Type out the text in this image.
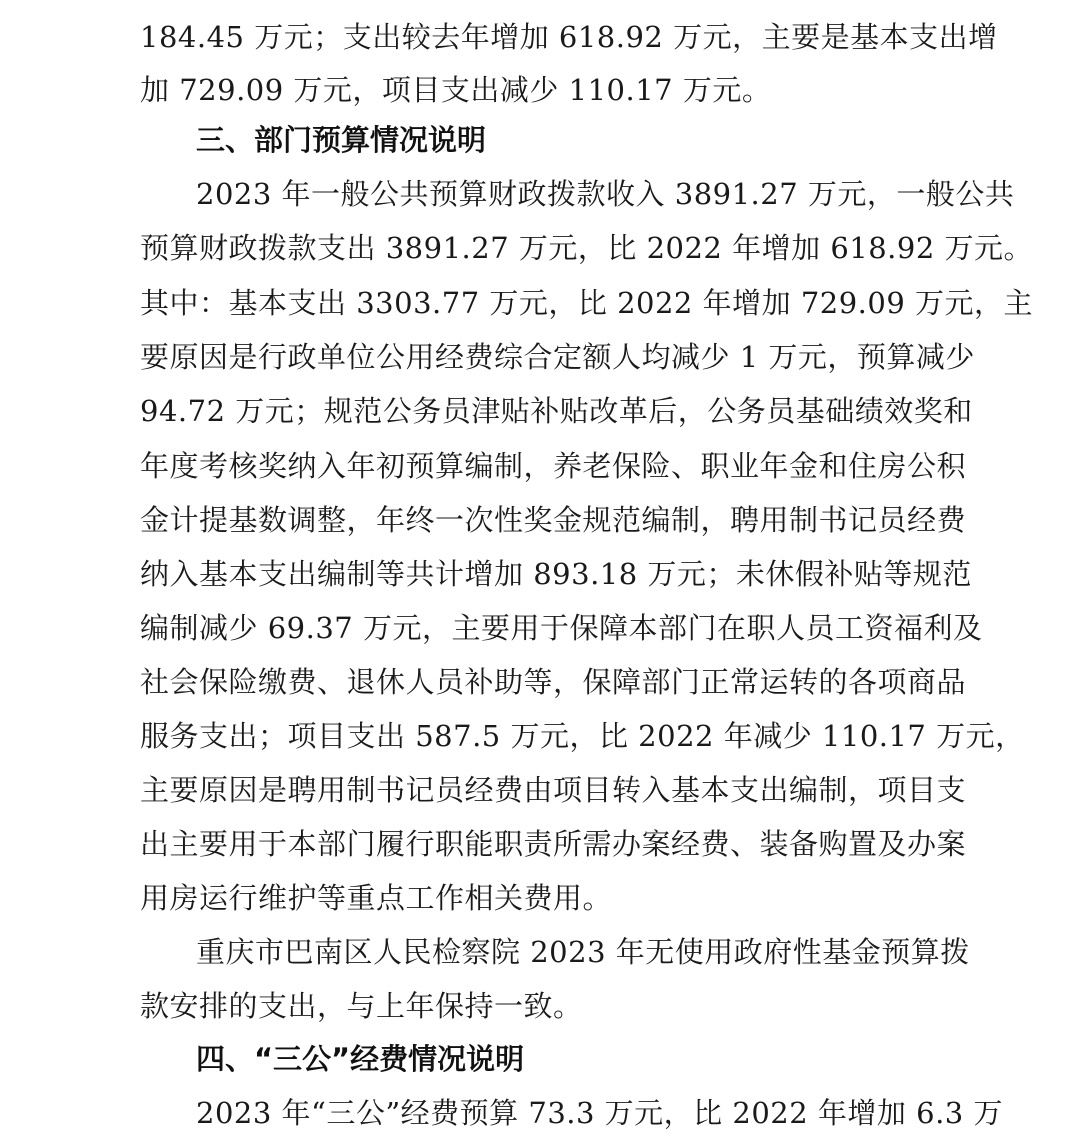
184.45 万元；支出较去年增加 618.92 万元，主要是基本支出增
加 729.09 万元，项目支出减少 110.17 万元。
三、部门预算情况说明
2023 年一般公共预算财政拨款收入 3891.27 万元，一般公共
预算财政拨款支出 3891.27 万元，比 2022 年增加 618.92 万元。
其中：基本支出 3303.77 万元，比 2022 年增加 729.09 万元，主
要原因是行政单位公用经费综合定额人均减少 1 万元，预算减少
94.72 万元；规范公务员津贴补贴改革后，公务员基础绩效奖和
年度考核奖纳入年初预算编制，养老保险、职业年金和住房公积
金计提基数调整，年终一次性奖金规范编制，聘用制书记员经费
纳入基本支出编制等共计增加 893.18 万元；未休假补贴等规范
编制减少 69.37 万元，主要用于保障本部门在职人员工资福利及
社会保险缴费、退休人员补助等，保障部门正常运转的各项商品
服务支出；项目支出 587.5 万元，比 2022 年减少 110.17 万元，
主要原因是聘用制书记员经费由项目转入基本支出编制，项目支
出主要用于本部门履行职能职责所需办案经费、装备购置及办案
用房运行维护等重点工作相关费用。
重庆市巴南区人民检察院 2023 年无使用政府性基金预算拨
款安排的支出，与上年保持一致。
四、“三公”经费情况说明
2023 年“三公”经费预算 73.3 万元，比 2022 年增加 6.3 万
